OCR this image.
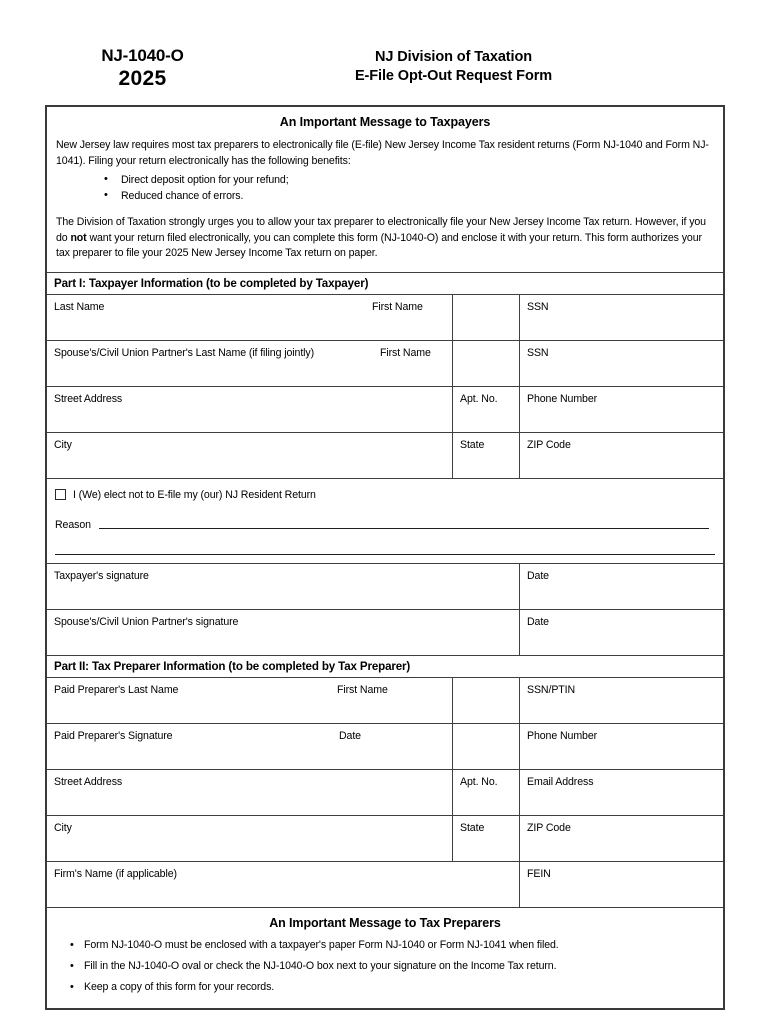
NJ-1040-O
2025
NJ Division of Taxation
E-File Opt-Out Request Form
An Important Message to Taxpayers

New Jersey law requires most tax preparers to electronically file (E-file) New Jersey Income Tax resident returns (Form NJ-1040 and Form NJ-1041). Filing your return electronically has the following benefits:

• Direct deposit option for your refund;
• Reduced chance of errors.

The Division of Taxation strongly urges you to allow your tax preparer to electronically file your New Jersey Income Tax return. However, if you do not want your return filed electronically, you can complete this form (NJ-1040-O) and enclose it with your return. This form authorizes your tax preparer to file your 2025 New Jersey Income Tax return on paper.

Part I: Taxpayer Information (to be completed by Taxpayer)
Last Name	First Name	SSN
Spouse's/Civil Union Partner's Last Name (if filing jointly)	First Name	SSN
Street Address	Apt. No.	Phone Number
City	State	ZIP Code
I (We) elect not to E-file my (our) NJ Resident Return
Reason
Taxpayer's signature	Date
Spouse's/Civil Union Partner's signature	Date
Part II: Tax Preparer Information (to be completed by Tax Preparer)
Paid Preparer's Last Name	First Name	SSN/PTIN
Paid Preparer's Signature	Date	Phone Number
Street Address	Apt. No.	Email Address
City	State	ZIP Code
Firm's Name (if applicable)	FEIN
An Important Message to Tax Preparers
• Form NJ-1040-O must be enclosed with a taxpayer's paper Form NJ-1040 or Form NJ-1041 when filed.
• Fill in the NJ-1040-O oval or check the NJ-1040-O box next to your signature on the Income Tax return.
• Keep a copy of this form for your records.
